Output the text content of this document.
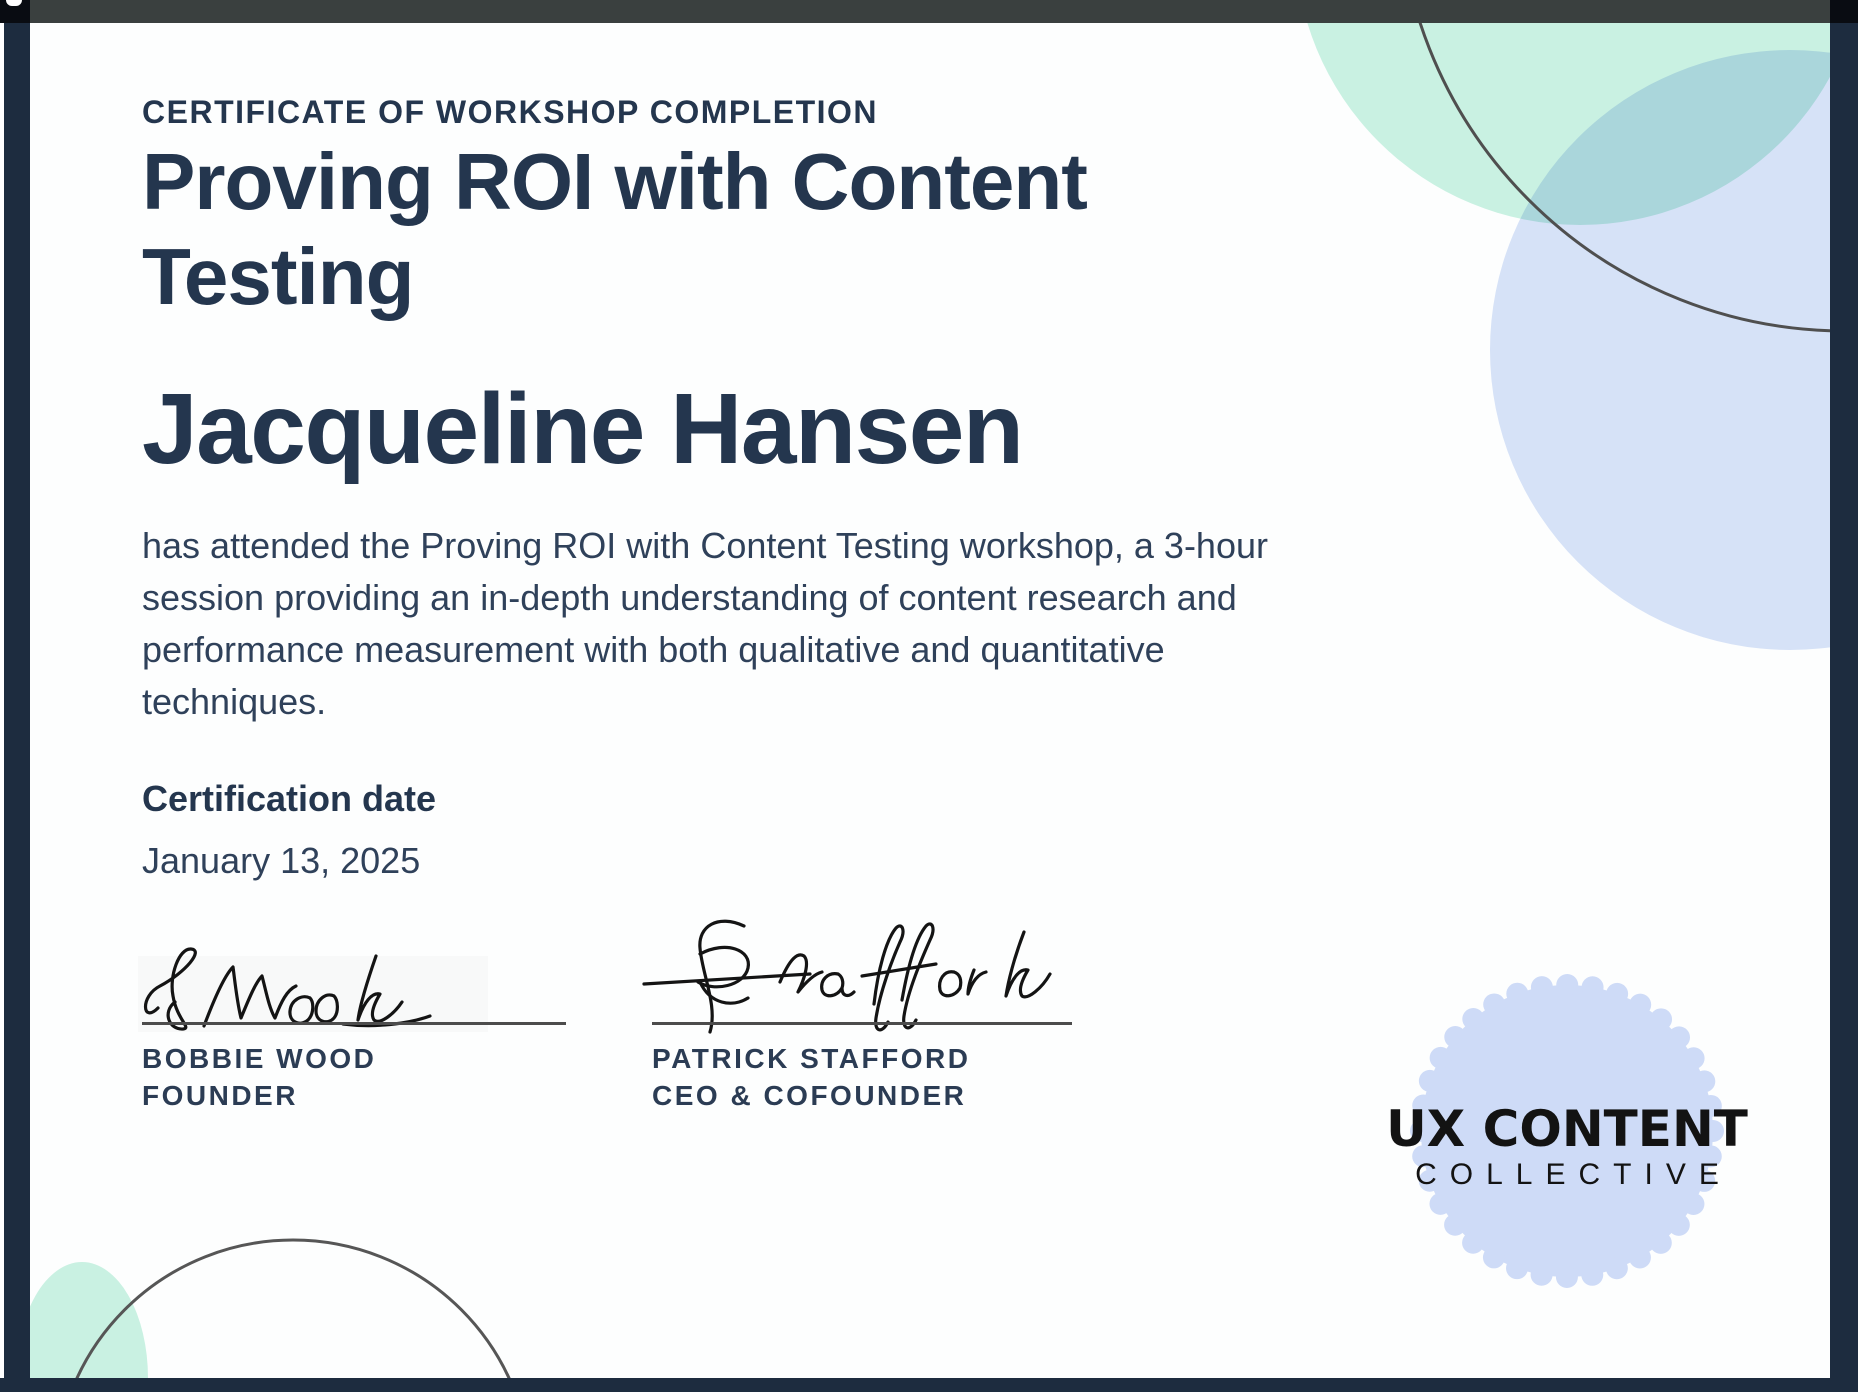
CERTIFICATE OF WORKSHOP COMPLETION
Proving ROI with Content Testing
Jacqueline Hansen
has attended the Proving ROI with Content Testing workshop, a 3-hour
session providing an in-depth understanding of content research and
performance measurement with both qualitative and quantitative
techniques.
Certification date
January 13, 2025
BOBBIE WOOD
FOUNDER
PATRICK STAFFORD
CEO & COFOUNDER
UX CONTENT
COLLECTIVE
